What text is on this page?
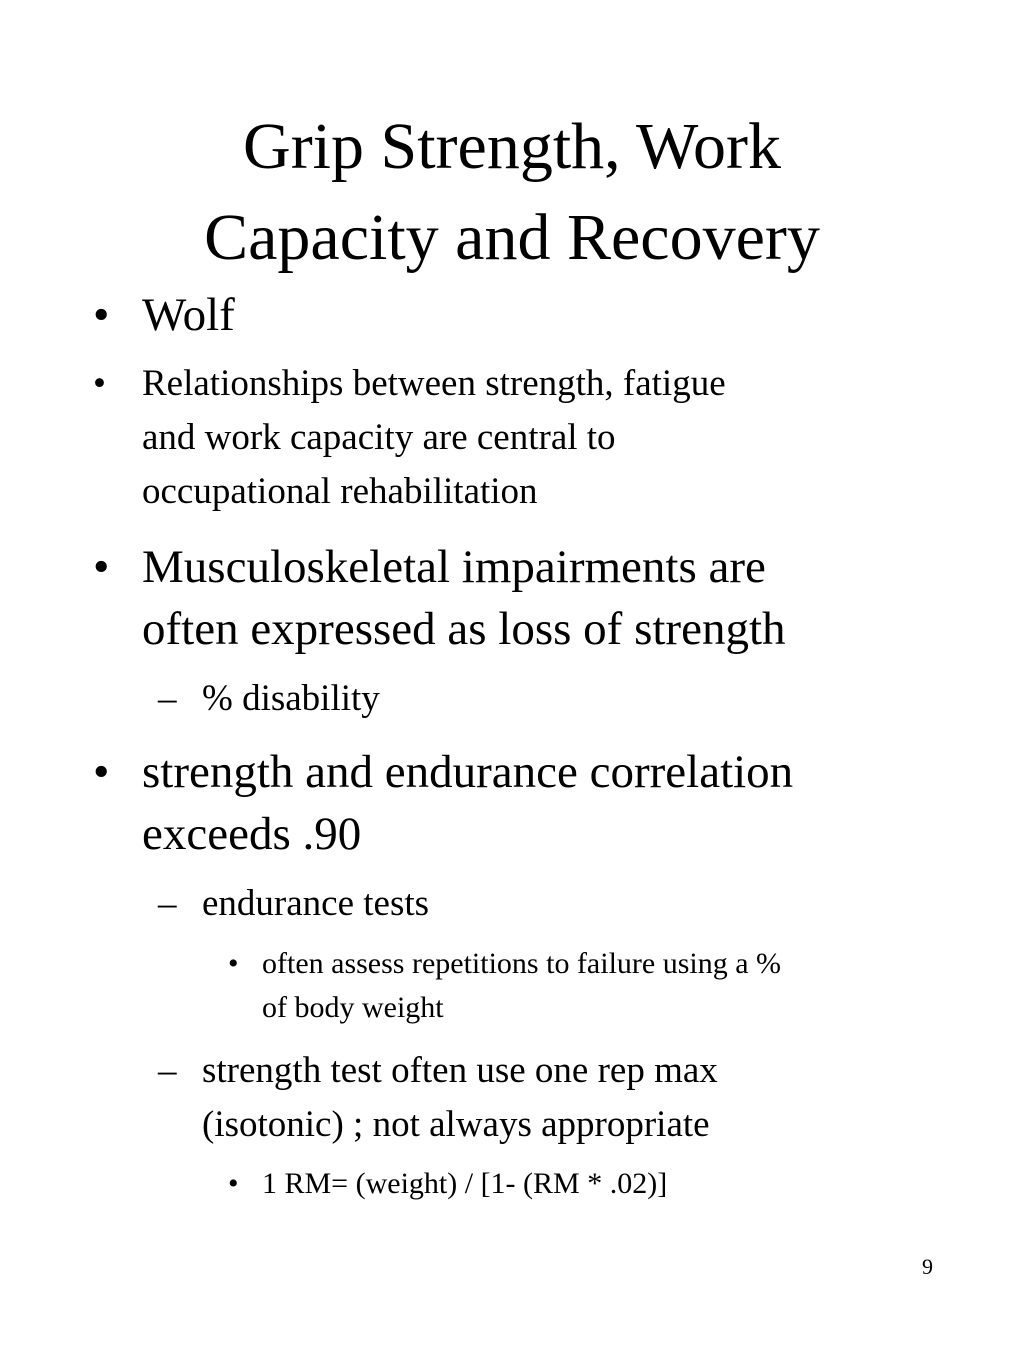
Grip Strength, Work
Capacity and Recovery
• Wolf

• Relationships between strength, fatigue
and work capacity are central to
occupational rehabilitation

• Musculoskeletal impairments are
often expressed as loss of strength

– % disability

• strength and endurance correlation
exceeds .90

– endurance tests

• often assess repetitions to failure using a %
of body weight

– strength test often use one rep max
(isotonic) ; not always appropriate

• 1 RM= (weight) / [1- (RM * .02)]

9
